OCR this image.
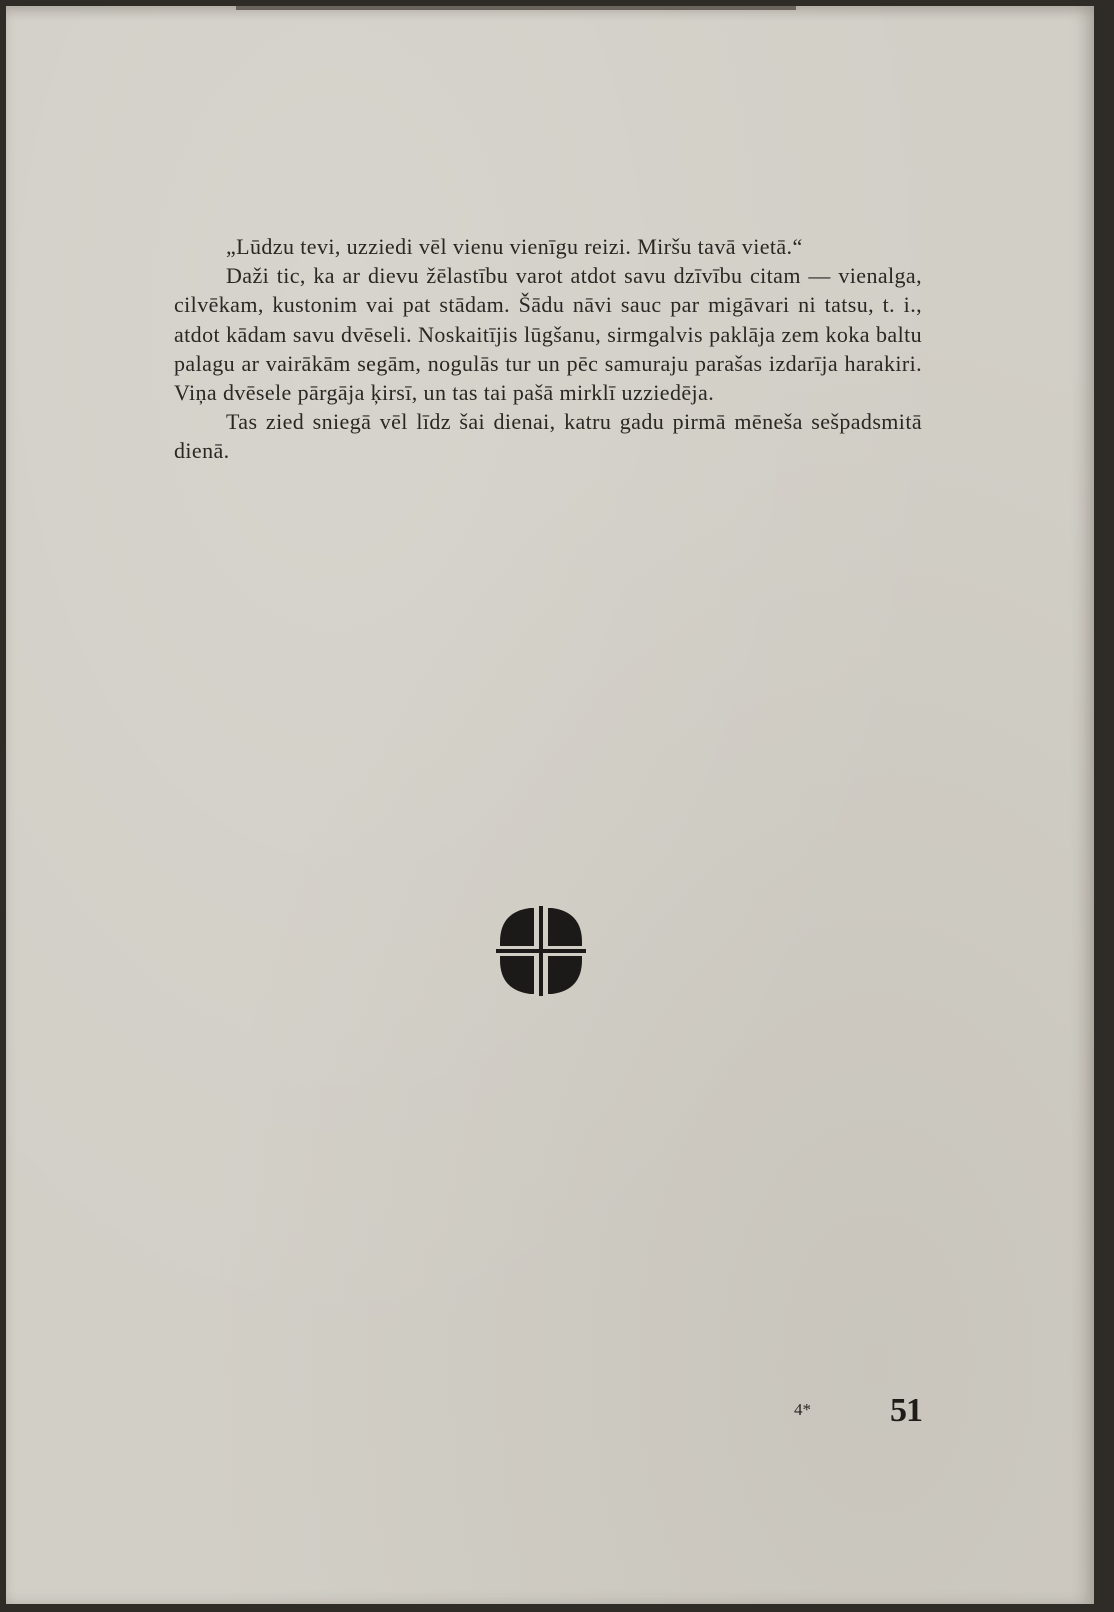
„Lūdzu tevi, uzziedi vēl vienu vienīgu reizi. Miršu tavā vietā.“

Daži tic, ka ar dievu žēlastību varot atdot savu dzīvību citam — vienalga, cilvēkam, kustonim vai pat stādam. Šādu nāvi sauc par migāvari ni tatsu, t. i., atdot kādam savu dvēseli. Noskaitījis lūgšanu, sirmgalvis paklāja zem koka baltu palagu ar vairākām segām, nogulās tur un pēc samuraju parašas izdarīja harakiri. Viņa dvēsele pārgāja ķirsī, un tas tai pašā mirklī uzziedēja.

Tas zied sniegā vēl līdz šai dienai, katru gadu pirmā mēneša sešpadsmitā dienā.

4* 51
